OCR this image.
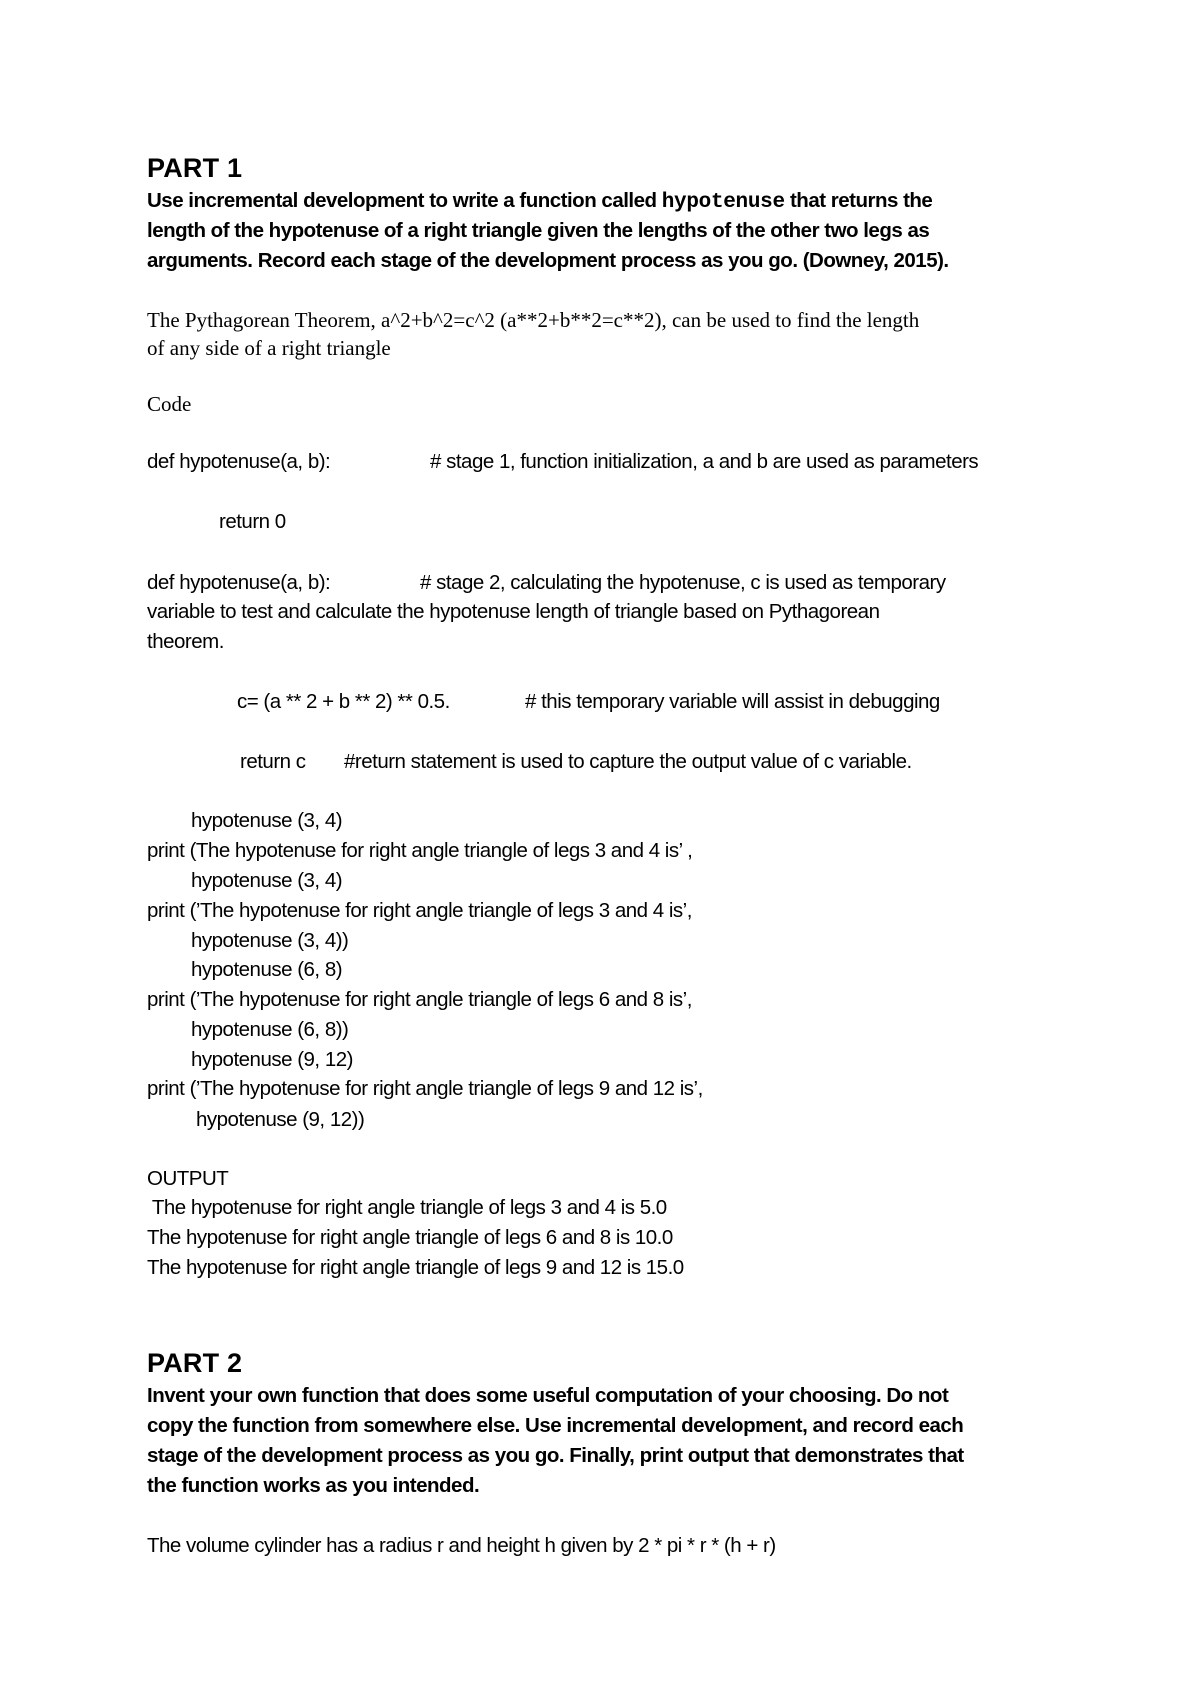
PART 1
Use incremental development to write a function called hypotenuse that returns the
length of the hypotenuse of a right triangle given the lengths of the other two legs as
arguments. Record each stage of the development process as you go. (Downey, 2015).
The Pythagorean Theorem, a^2+b^2=c^2 (a**2+b**2=c**2), can be used to find the length
of any side of a right triangle
Code
def hypotenuse(a, b):	# stage 1, function initialization, a and b are used as parameters
return 0
def hypotenuse(a, b):	# stage 2, calculating the hypotenuse, c is used as temporary
variable to test and calculate the hypotenuse length of triangle based on Pythagorean
theorem.
c= (a ** 2 + b ** 2) ** 0.5.	# this temporary variable will assist in debugging
return c #return statement is used to capture the output value of c variable.
hypotenuse (3, 4)
print (The hypotenuse for right angle triangle of legs 3 and 4 is’ ,
hypotenuse (3, 4)
print (’The hypotenuse for right angle triangle of legs 3 and 4 is’,
hypotenuse (3, 4))
hypotenuse (6, 8)
print (’The hypotenuse for right angle triangle of legs 6 and 8 is’,
hypotenuse (6, 8))
hypotenuse (9, 12)
print (’The hypotenuse for right angle triangle of legs 9 and 12 is’,
hypotenuse (9, 12))
OUTPUT
The hypotenuse for right angle triangle of legs 3 and 4 is 5.0
The hypotenuse for right angle triangle of legs 6 and 8 is 10.0
The hypotenuse for right angle triangle of legs 9 and 12 is 15.0
PART 2
Invent your own function that does some useful computation of your choosing. Do not
copy the function from somewhere else. Use incremental development, and record each
stage of the development process as you go. Finally, print output that demonstrates that
the function works as you intended.
The volume cylinder has a radius r and height h given by 2 * pi * r * (h + r)
